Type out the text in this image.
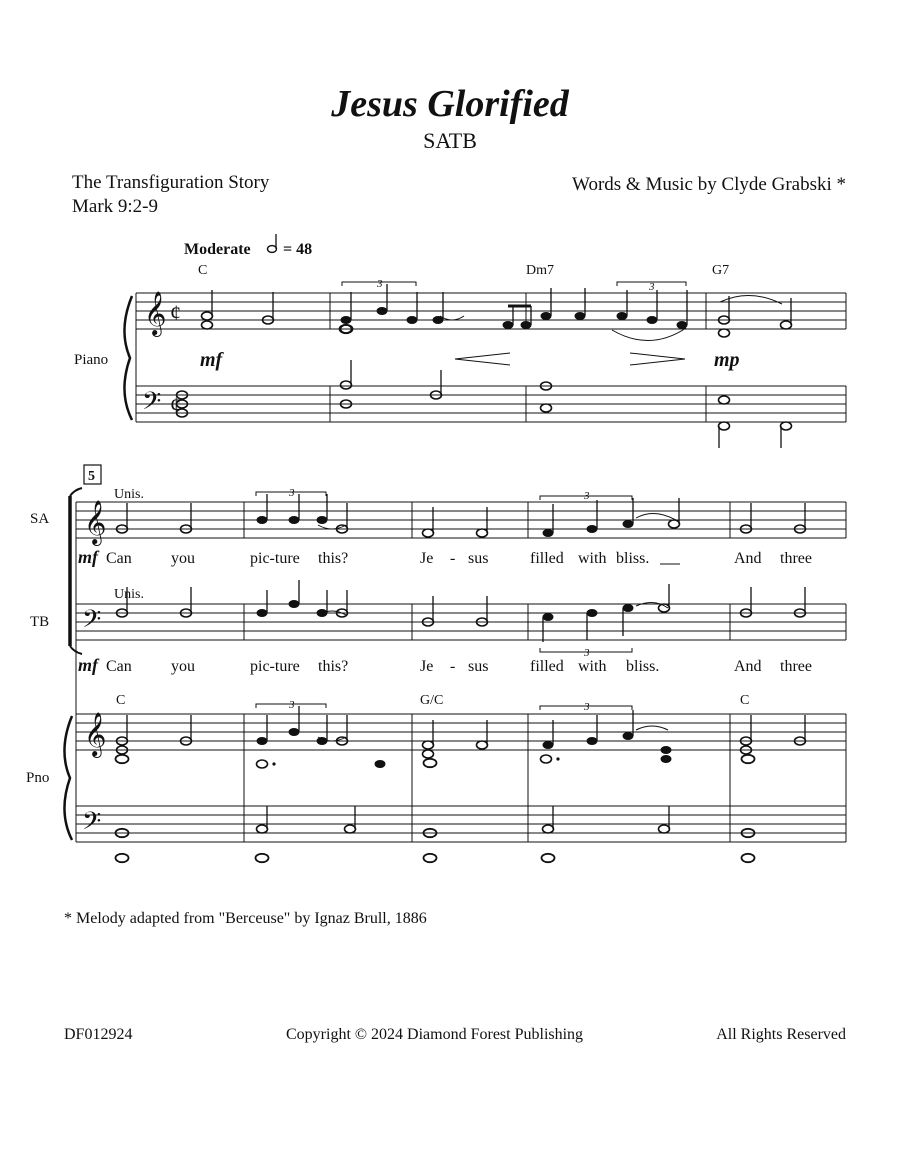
Jesus Glorified
SATB
The Transfiguration Story
Mark 9:2-9
Words & Music by Clyde Grabski *
𝄞
𝄢
¢
¢
𝄞
𝄢
𝄞
𝄢
C	Dm7	G7
C	G/C	C
Moderate = 48
3	3
3	3
3
3	3
mf	mp
mf
mf
Piano
SA
TB
Pno
5
Unis.
Unis.
Can you	pic-ture this?	Je - sus	filled with bliss.	And three
Can you	pic-ture this?	Je - sus	filled with bliss.	And three
* Melody adapted from "Berceuse" by Ignaz Brull, 1886
DF012924	Copyright © 2024 Diamond Forest Publishing	All Rights Reserved
